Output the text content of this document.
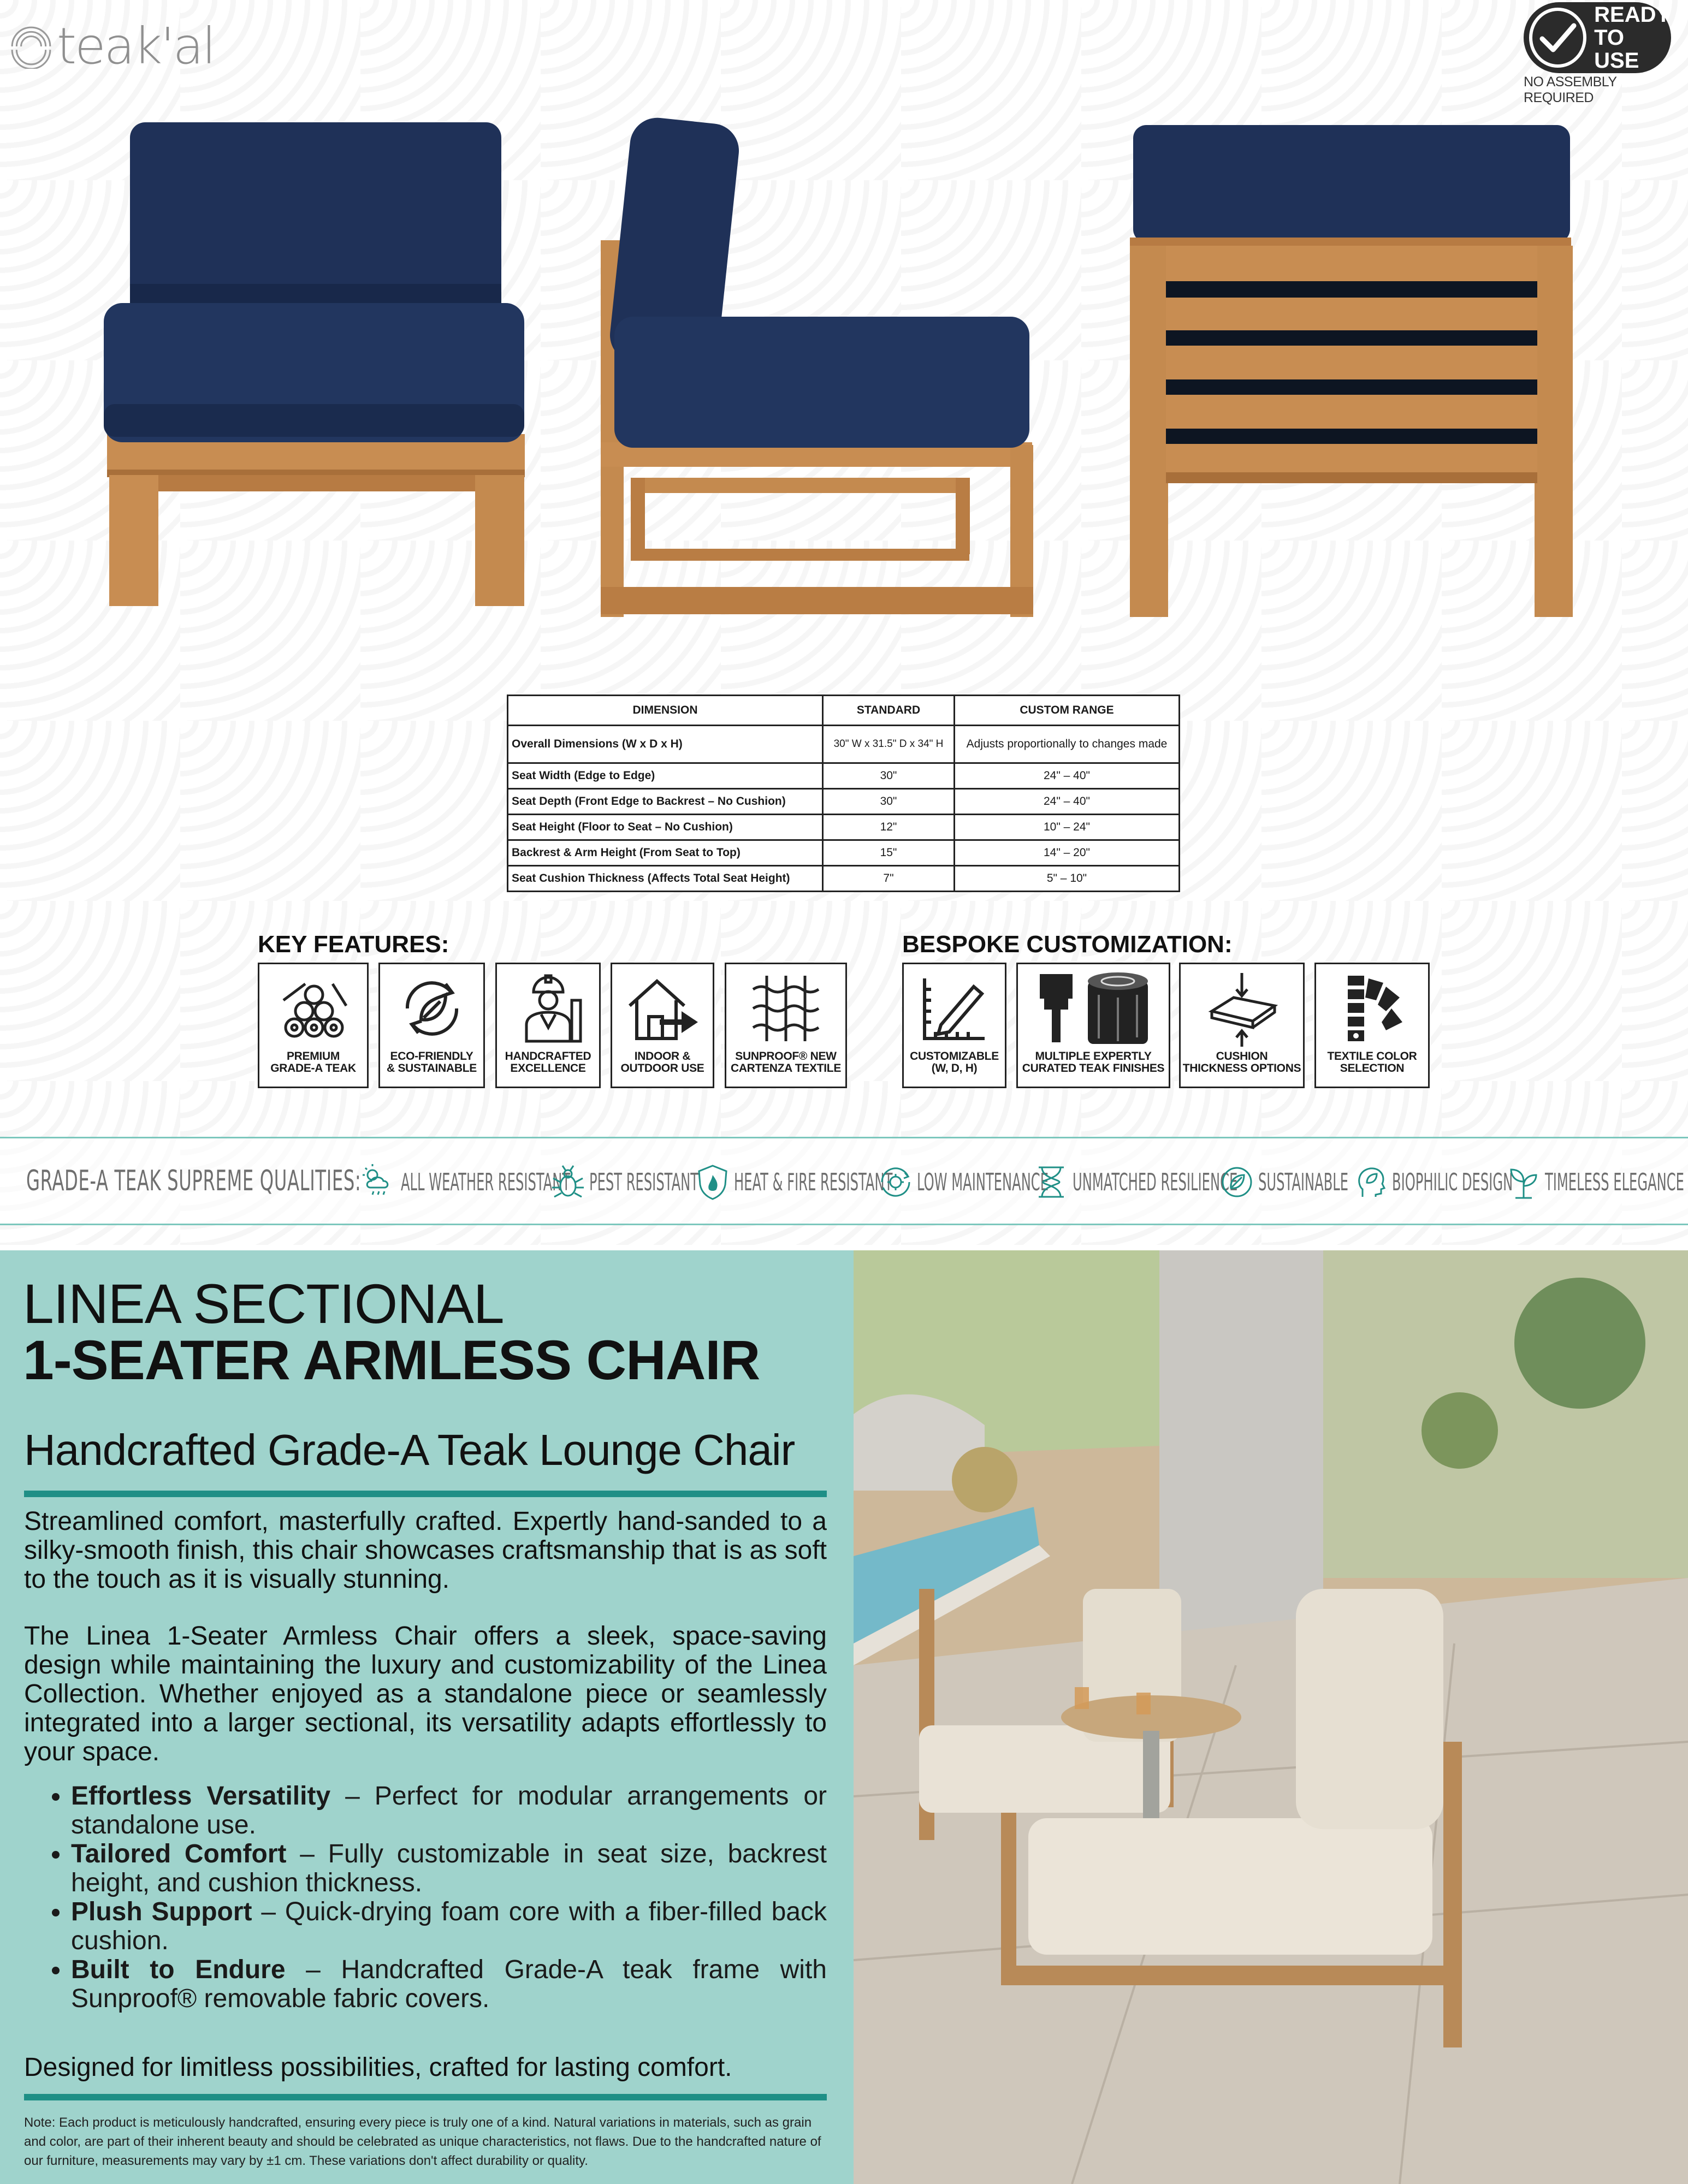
teak'al
READY
TO USE
NO ASSEMBLY REQUIRED
DIMENSION	STANDARD	CUSTOM RANGE
Overall Dimensions (W x D x H)	30" W x 31.5" D x 34" H	Adjusts proportionally to changes made
Seat Width (Edge to Edge)	30"	24" – 40"
Seat Depth (Front Edge to Backrest – No Cushion)	30"	24" – 40"
Seat Height (Floor to Seat – No Cushion)	12"	10" – 24"
Backrest & Arm Height (From Seat to Top)	15"	14" – 20"
Seat Cushion Thickness (Affects Total Seat Height)	7"	5" – 10"
KEY FEATURES:
PREMIUM
GRADE-A TEAK
ECO-FRIENDLY
& SUSTAINABLE
HANDCRAFTED
EXCELLENCE
INDOOR &
OUTDOOR USE
SUNPROOF® NEW
CARTENZA TEXTILE
BESPOKE CUSTOMIZATION:
CUSTOMIZABLE
(W, D, H)
MULTIPLE EXPERTLY
CURATED TEAK FINISHES
CUSHION
THICKNESS OPTIONS
TEXTILE COLOR
SELECTION
GRADE-A TEAK SUPREME QUALITIES: ALL WEATHER RESISTANT PEST RESISTANT HEAT & FIRE RESISTANT LOW MAINTENANCE UNMATCHED RESILIENCE SUSTAINABLE BIOPHILIC DESIGN TIMELESS ELEGANCE
LINEA SECTIONAL
1-SEATER ARMLESS CHAIR
Handcrafted Grade-A Teak Lounge Chair
Streamlined comfort, masterfully crafted. Expertly hand-sanded to a silky-smooth finish, this chair showcases craftsmanship that is as soft to the touch as it is visually stunning.
The Linea 1-Seater Armless Chair offers a sleek, space-saving design while maintaining the luxury and customizability of the Linea Collection. Whether enjoyed as a standalone piece or seamlessly integrated into a larger sectional, its versatility adapts effortlessly to your space.
• Effortless Versatility – Perfect for modular arrangements or standalone use.
• Tailored Comfort – Fully customizable in seat size, backrest height, and cushion thickness.
• Plush Support – Quick-drying foam core with a fiber-filled back cushion.
• Built to Endure – Handcrafted Grade-A teak frame with Sunproof® removable fabric covers.
Designed for limitless possibilities, crafted for lasting comfort.
Note: Each product is meticulously handcrafted, ensuring every piece is truly one of a kind. Natural variations in materials, such as grain and color, are part of their inherent beauty and should be celebrated as unique characteristics, not flaws. Due to the handcrafted nature of our furniture, measurements may vary by ±1 cm. These variations don't affect durability or quality.
